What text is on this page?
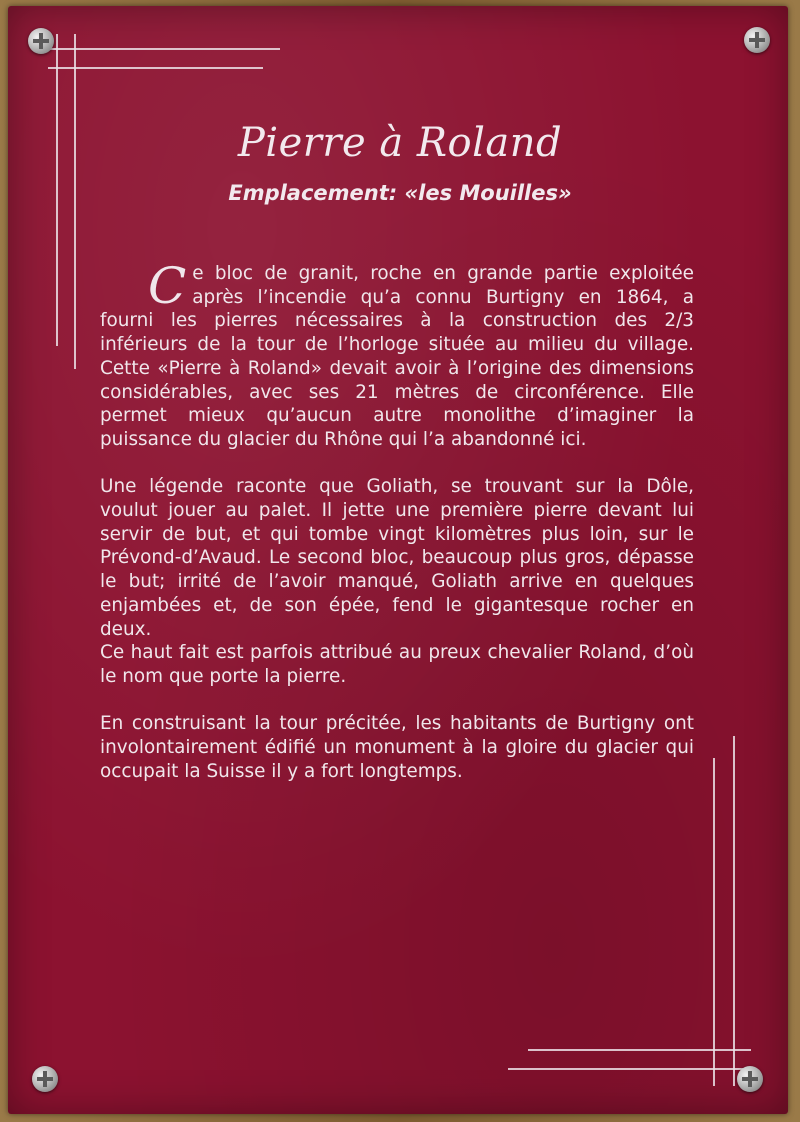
Pierre à Roland
Emplacement: «les Mouilles»

Ce bloc de granit, roche en grande partie exploitée après l’incendie qu’a connu Burtigny en 1864, a fourni les pierres nécessaires à la construction des 2/3 inférieurs de la tour de l’horloge située au milieu du village. Cette «Pierre à Roland» devait avoir à l’origine des dimensions considérables, avec ses 21 mètres de circonférence. Elle permet mieux qu’aucun autre monolithe d’imaginer la puissance du glacier du Rhône qui l’a abandonné ici.

Une légende raconte que Goliath, se trouvant sur la Dôle, voulut jouer au palet. Il jette une première pierre devant lui servir de but, et qui tombe vingt kilomètres plus loin, sur le Prévond-d’Avaud. Le second bloc, beaucoup plus gros, dépasse le but; irrité de l’avoir manqué, Goliath arrive en quelques enjambées et, de son épée, fend le gigantesque rocher en deux.

Ce haut fait est parfois attribué au preux chevalier Roland, d’où le nom que porte la pierre.

En construisant la tour précitée, les habitants de Burtigny ont involontairement édifié un monument à la gloire du glacier qui occupait la Suisse il y a fort longtemps.
